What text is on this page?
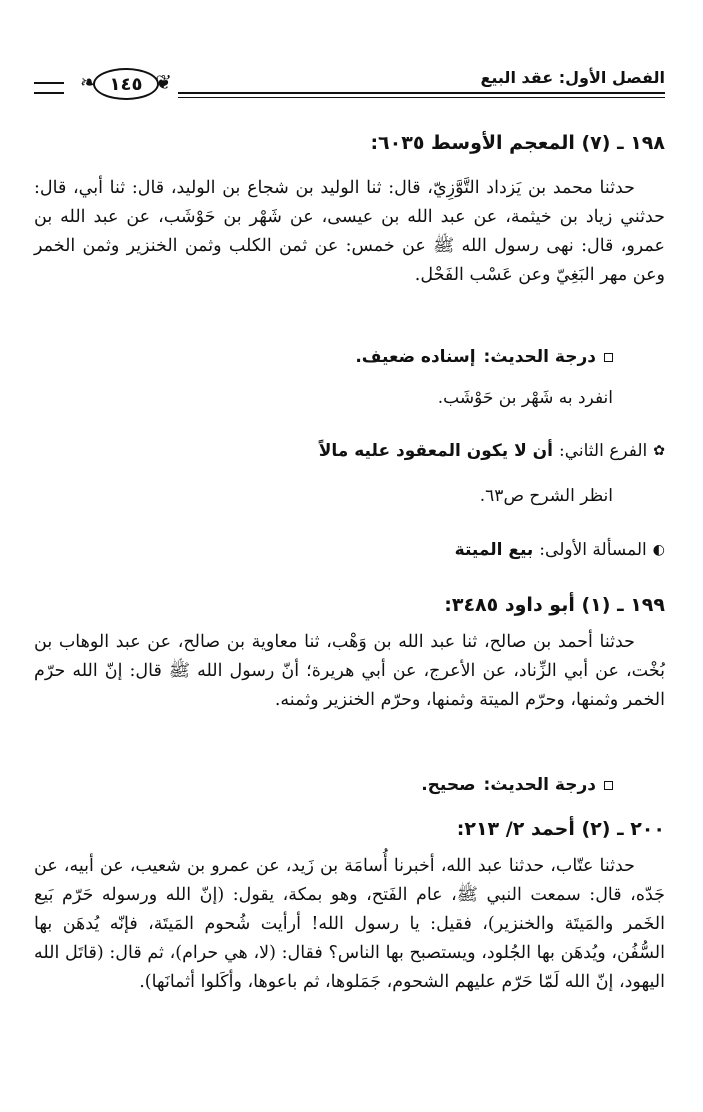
الفصل الأول: عقد البيع
❦
١٤٥
❧
١٩٨ ـ (٧) المعجم الأوسط ٦٠٣٥:
حدثنا محمد بن يَزداد التَّوَّزِيّ، قال: ثنا الوليد بن شجاع بن الوليد، قال: ثنا أبي، قال: حدثني زياد بن خيثمة، عن عبد الله بن عيسى، عن شَهْر بن حَوْشَب، عن عبد الله بن عمرو، قال: نهى رسول الله ﷺ عن خمس: عن ثمن الكلب وثمن الخنزير وثمن الخمر وعن مهر البَغِيّ وعن عَسْب الفَحْل.
درجة الحديث:
إسناده ضعيف.
انفرد به شَهْر بن حَوْشَب.
✿
الفرع الثاني:
أن لا يكون المعقود عليه مالاً
انظر الشرح ص٦٣.
◐
المسألة الأولى:
بيع الميتة
١٩٩ ـ (١) أبو داود ٣٤٨٥:
حدثنا أحمد بن صالح، ثنا عبد الله بن وَهْب، ثنا معاوية بن صالح، عن عبد الوهاب بن بُخْت، عن أبي الزِّناد، عن الأعرج، عن أبي هريرة؛ أنّ رسول الله ﷺ قال: إنّ الله حرّم الخمر وثمنها، وحرّم الميتة وثمنها، وحرّم الخنزير وثمنه.
درجة الحديث:
صحيح.
٢٠٠ ـ (٢) أحمد ٢/ ٢١٣:
حدثنا عتّاب، حدثنا عبد الله، أخبرنا أُسامَة بن زَيد، عن عمرو بن شعيب، عن أبيه، عن جَدّه، قال: سمعت النبي ﷺ، عام الفَتح، وهو بمكة، يقول: (إنّ الله ورسوله حَرّم بَيع الخَمر والمَيتَة والخنزير)، فقيل: يا رسول الله! أرأيت شُحوم المَيتَة، فإنّه يُدهَن بها السُّفُن، ويُدهَن بها الجُلود، ويستصبح بها الناس؟ فقال: (لا، هي حرام)، ثم قال: (قاتَل الله اليهود، إنّ الله لَمّا حَرّم عليهم الشحوم، جَمَلوها، ثم باعوها، وأكَلوا أثمانَها).
